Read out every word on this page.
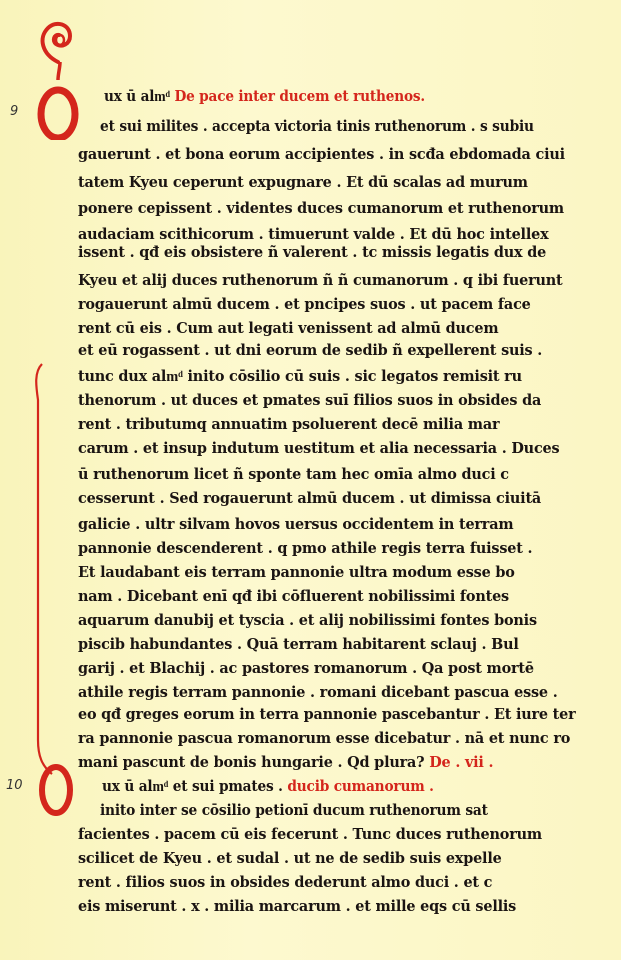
9
10
ux ū almͩ De pace inter ducem et ruthenos.
et sui milites . accepta victoria tinis ruthenorum . s subiu
gauerunt . et bona eorum accipientes . in scđa ebdomada ciui
tatem Kyeu ceperunt expugnare . Et dū scalas ad murum
ponere cepissent . videntes duces cumanorum et ruthenorum
audaciam scithicorum . timuerunt valde . Et dū hoc intellex
issent . qđ eis obsistere ñ valerent . tc missis legatis dux de
Kyeu et alij duces ruthenorum ñ ñ cumanorum . q ibi fuerunt
rogauerunt almū ducem . et pncipes suos . ut pacem face
rent cū eis . Cum aut legati venissent ad almū ducem
et eū rogassent . ut dni eorum de sedib ñ expellerent suis .
tunc dux almͩ inito cōsilio cū suis . sic legatos remisit ru
thenorum . ut duces et pmates suī filios suos in obsides da
rent . tributumq annuatim psoluerent decē milia mar
carum . et insup indutum uestitum et alia necessaria . Duces
ū ruthenorum licet ñ sponte tam hec omīa almo duci c
cesserunt . Sed rogauerunt almū ducem . ut dimissa ciuitā
galicie . ultr silvam hovos uersus occidentem in terram
pannonie descenderent . q pmo athile regis terra fuisset .
Et laudabant eis terram pannonie ultra modum esse bo
nam . Dicebant enī qđ ibi cōfluerent nobilissimi fontes
aquarum danubij et tyscia . et alij nobilissimi fontes bonis
piscib habundantes . Quā terram habitarent sclauj . Bul
garij . et Blachij . ac pastores romanorum . Qa post mortē
athile regis terram pannonie . romani dicebant pascua esse .
eo qđ greges eorum in terra pannonie pascebantur . Et iure ter
ra pannonie pascua romanorum esse dicebatur . nā et nunc ro
mani pascunt de bonis hungarie . Qd plura? De . vii .
ux ū almͩ et sui pmates . ducib cumanorum .
inito inter se cōsilio petionī ducum ruthenorum sat
facientes . pacem cū eis fecerunt . Tunc duces ruthenorum
scilicet de Kyeu . et sudal . ut ne de sedib suis expelle
rent . filios suos in obsides dederunt almo duci . et c
eis miserunt . x . milia marcarum . et mille eqs cū sellis
